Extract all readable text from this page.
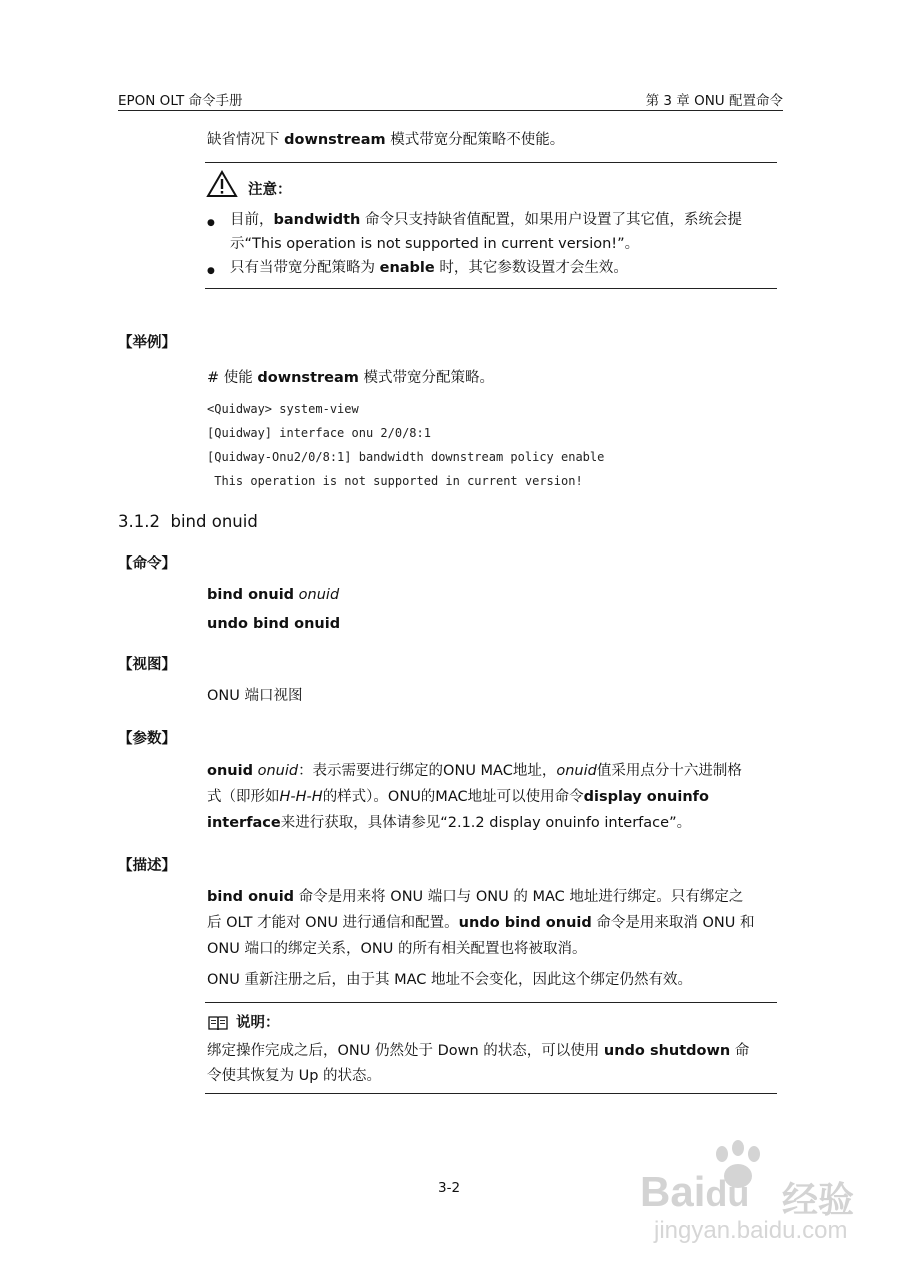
EPON OLT 命令手册	第 3 章 ONU 配置命令
缺省情况下 downstream 模式带宽分配策略不使能。
注意：
● 目前，bandwidth 命令只支持缺省值配置，如果用户设置了其它值，系统会提
示“This operation is not supported in current version!”。
● 只有当带宽分配策略为 enable 时，其它参数设置才会生效。
【举例】
# 使能 downstream 模式带宽分配策略。
<Quidway> system-view
[Quidway] interface onu 2/0/8:1
[Quidway-Onu2/0/8:1] bandwidth downstream policy enable
This operation is not supported in current version!
3.1.2 bind onuid
【命令】
bind onuid onuid
undo bind onuid
【视图】
ONU 端口视图
【参数】
onuid onuid：表示需要进行绑定的ONU MAC地址，onuid值采用点分十六进制格
式（即形如H-H-H的样式）。ONU的MAC地址可以使用命令display onuinfo
interface来进行获取，具体请参见“2.1.2 display onuinfo interface”。
【描述】
bind onuid 命令是用来将 ONU 端口与 ONU 的 MAC 地址进行绑定。只有绑定之
后 OLT 才能对 ONU 进行通信和配置。undo bind onuid 命令是用来取消 ONU 和
ONU 端口的绑定关系，ONU 的所有相关配置也将被取消。
ONU 重新注册之后，由于其 MAC 地址不会变化，因此这个绑定仍然有效。
说明：
绑定操作完成之后，ONU 仍然处于 Down 的状态，可以使用 undo shutdown 命
令使其恢复为 Up 的状态。
3-2	Baidu 经验
jingyan.baidu.com
